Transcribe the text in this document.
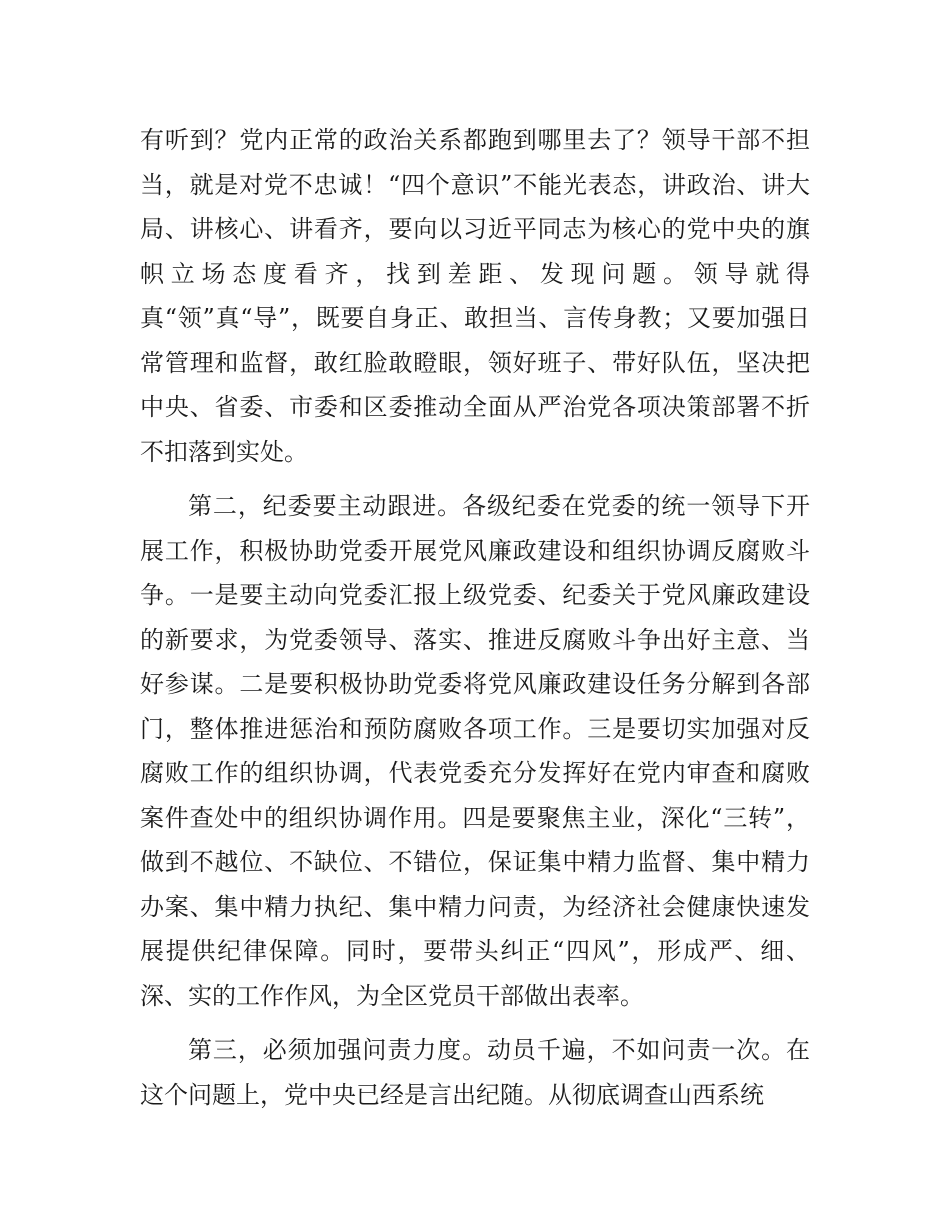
有听到？党内正常的政治关系都跑到哪里去了？领导干部不担当，就是对党不忠诚！“四个意识”不能光表态，讲政治、讲大局、讲核心、讲看齐，要向以习近平同志为核心的党中央的旗帜立场态度看齐，找到差距、发现问题。领导就得真“领”真“导”，既要自身正、敢担当、言传身教；又要加强日常管理和监督，敢红脸敢瞪眼，领好班子、带好队伍，坚决把中央、省委、市委和区委推动全面从严治党各项决策部署不折不扣落到实处。

第二，纪委要主动跟进。各级纪委在党委的统一领导下开展工作，积极协助党委开展党风廉政建设和组织协调反腐败斗争。一是要主动向党委汇报上级党委、纪委关于党风廉政建设的新要求，为党委领导、落实、推进反腐败斗争出好主意、当好参谋。二是要积极协助党委将党风廉政建设任务分解到各部门，整体推进惩治和预防腐败各项工作。三是要切实加强对反腐败工作的组织协调，代表党委充分发挥好在党内审查和腐败案件查处中的组织协调作用。四是要聚焦主业，深化“三转”，做到不越位、不缺位、不错位，保证集中精力监督、集中精力办案、集中精力执纪、集中精力问责，为经济社会健康快速发展提供纪律保障。同时，要带头纠正“四风”，形成严、细、深、实的工作作风，为全区党员干部做出表率。

第三，必须加强问责力度。动员千遍，不如问责一次。在这个问题上，党中央已经是言出纪随。从彻底调查山西系统
